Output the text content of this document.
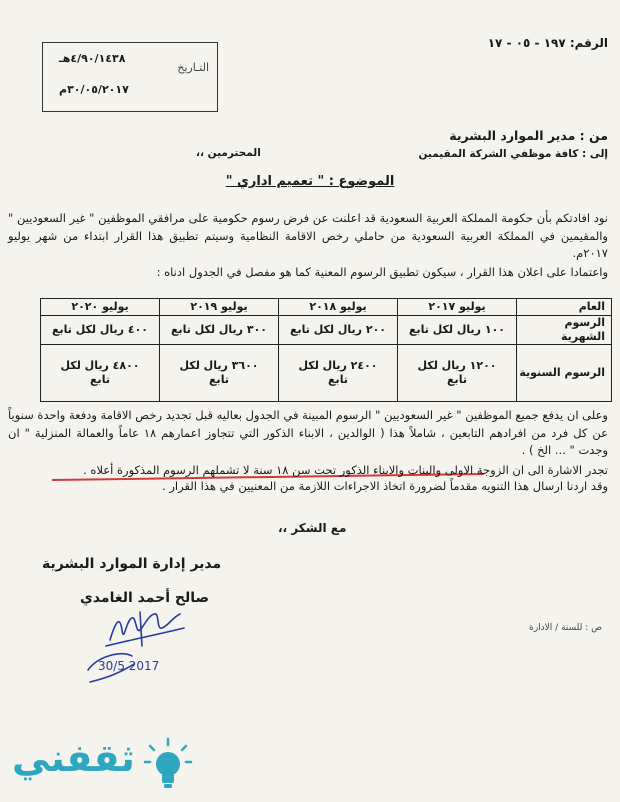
الرقم: ١٩٧ - ٠٥ - ١٧
التـاريخ
٤/٩٠/١٤٣٨هـ
٣٠/٠٥/٢٠١٧م
من : مدير الموارد البشرية
إلى : كافة موظفي الشركة المقيمين
المحترمين ،،
الموضوع : " تعميم اداري "
نود افادتكم بأن حكومة المملكة العربية السعودية قد اعلنت عن فرض رسوم حكومية على مرافقي الموظفين " غير السعوديين " والمقيمين في المملكة العربية السعودية من حاملي رخص الاقامة النظامية وسيتم تطبيق هذا القرار ابتداء من شهر يوليو ٢٠١٧م.
واعتمادا على اعلان هذا القرار ، سيكون تطبيق الرسوم المعنية كما هو مفصل في الجدول ادناه :
العام	يوليو ٢٠١٧	يوليو ٢٠١٨	يوليو ٢٠١٩	يوليو ٢٠٢٠
الرسوم الشهرية	١٠٠ ريال لكل تابع	٢٠٠ ريال لكل تابع	٣٠٠ ريال لكل تابع	٤٠٠ ريال لكل تابع
الرسوم السنوية	١٢٠٠ ريال لكل تابع	٢٤٠٠ ريال لكل تابع	٣٦٠٠ ريال لكل تابع	٤٨٠٠ ريال لكل تابع
وعلى ان يدفع جميع الموظفين " غير السعوديين " الرسوم المبينة في الجدول بعاليه قبل تجديد رخص الاقامة ودفعة واحدة سنوياً عن كل فرد من افرادهم التابعين ، شاملاً هذا ( الوالدين ، الابناء الذكور التي تتجاوز اعمارهم ١٨ عاماً والعمالة المنزلية " ان وجدت " ... الخ ) .
تجدر الاشارة الى ان الزوجة الاولى والبنات والابناء الذكور تحت سن ١٨ سنة لا تشملهم الرسوم المذكورة أعلاه .
وقد اردنا ارسال هذا التنويه مقدماً لضرورة اتخاذ الاجراءات اللازمة من المعنيين في هذا القرار .
مع الشكر ،،
مدير إدارة الموارد البشرية
صالح أحمد الغامدي
ص : للسنة / الادارة
30/5 2017
ثقفني
